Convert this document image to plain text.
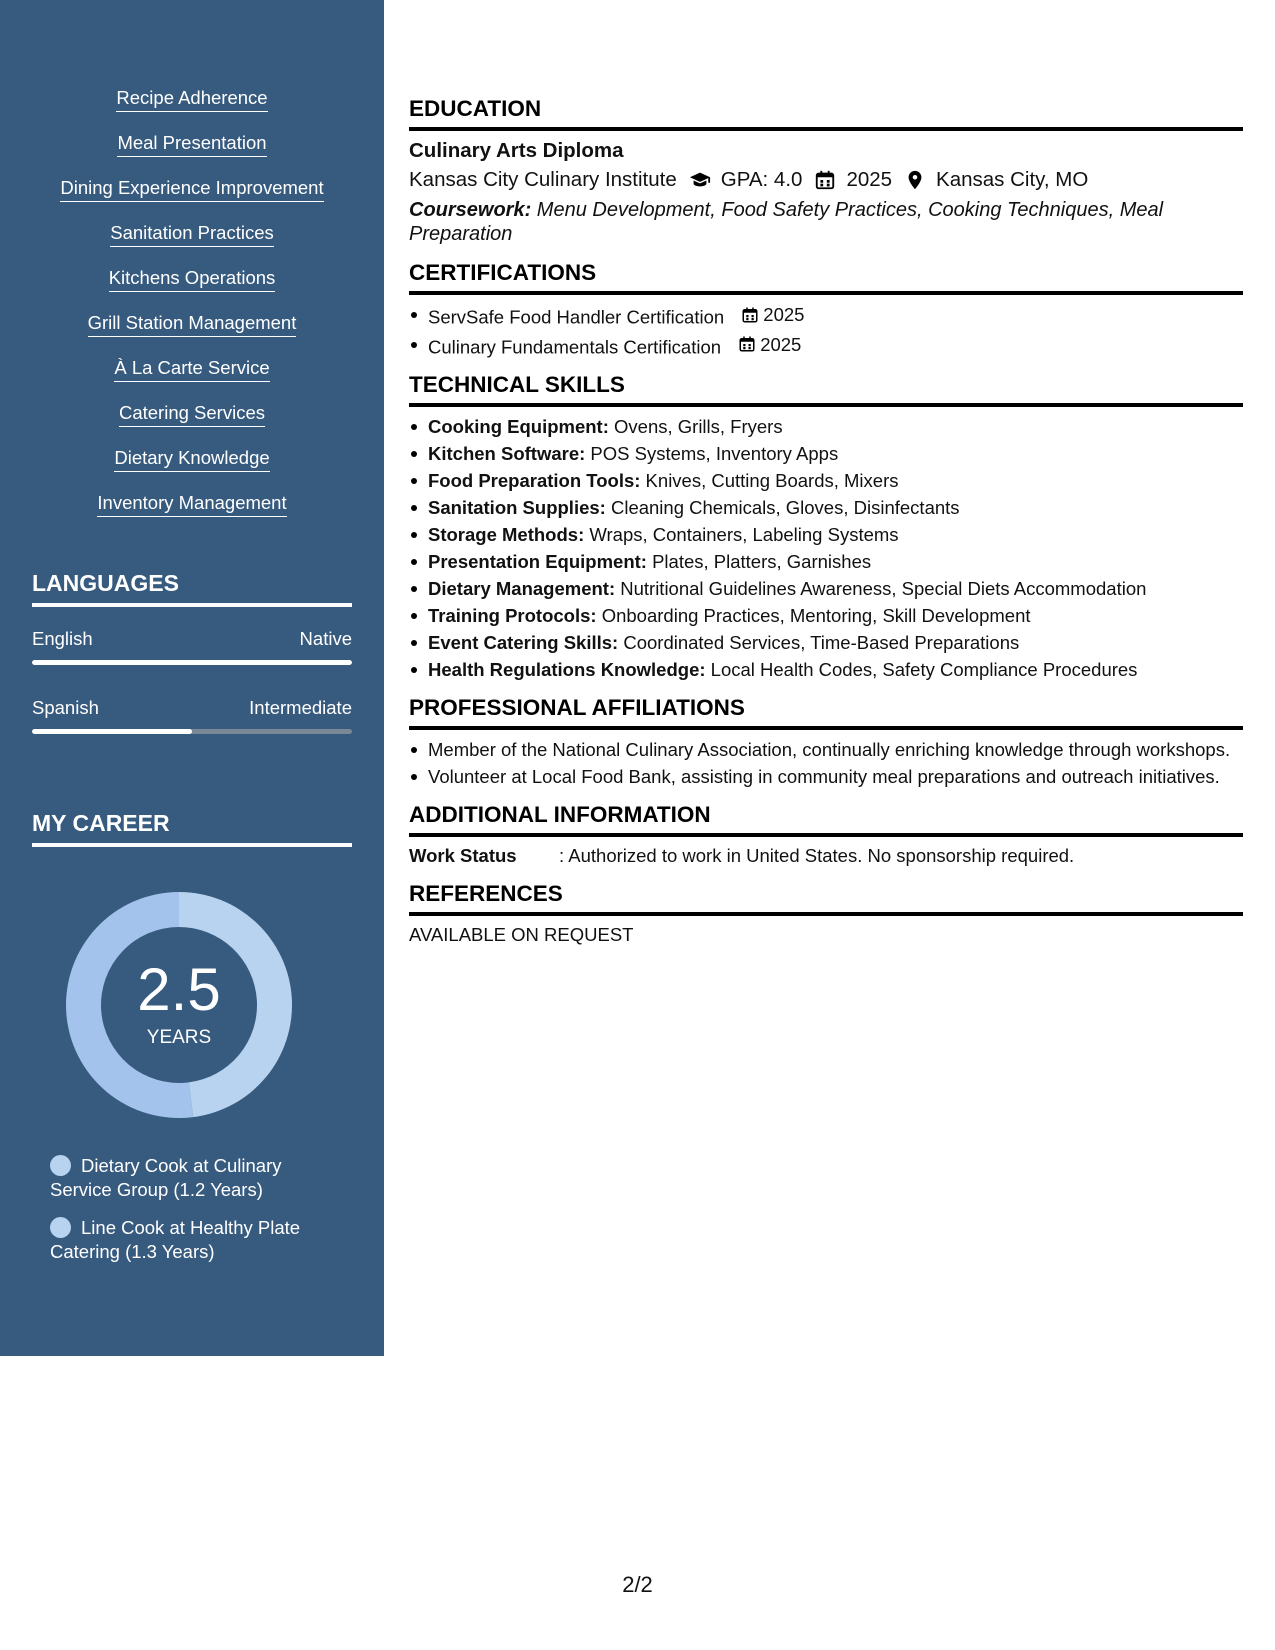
Recipe Adherence
Meal Presentation
Dining Experience Improvement
Sanitation Practices
Kitchens Operations
Grill Station Management
À La Carte Service
Catering Services
Dietary Knowledge
Inventory Management
LANGUAGES
English	Native
Spanish	Intermediate
MY CAREER
2.5
YEARS
Dietary Cook at Culinary Service Group (1.2 Years)
Line Cook at Healthy Plate Catering (1.3 Years)
EDUCATION
Culinary Arts Diploma
Kansas City Culinary Institute GPA: 4.0 2025 Kansas City, MO
Coursework: Menu Development, Food Safety Practices, Cooking Techniques, Meal Preparation
CERTIFICATIONS
ServSafe Food Handler Certification 2025
Culinary Fundamentals Certification 2025
TECHNICAL SKILLS
Cooking Equipment: Ovens, Grills, Fryers
Kitchen Software: POS Systems, Inventory Apps
Food Preparation Tools: Knives, Cutting Boards, Mixers
Sanitation Supplies: Cleaning Chemicals, Gloves, Disinfectants
Storage Methods: Wraps, Containers, Labeling Systems
Presentation Equipment: Plates, Platters, Garnishes
Dietary Management: Nutritional Guidelines Awareness, Special Diets Accommodation
Training Protocols: Onboarding Practices, Mentoring, Skill Development
Event Catering Skills: Coordinated Services, Time-Based Preparations
Health Regulations Knowledge: Local Health Codes, Safety Compliance Procedures
PROFESSIONAL AFFILIATIONS
Member of the National Culinary Association, continually enriching knowledge through workshops.
Volunteer at Local Food Bank, assisting in community meal preparations and outreach initiatives.
ADDITIONAL INFORMATION
Work Status	: Authorized to work in United States. No sponsorship required.
REFERENCES
AVAILABLE ON REQUEST
2/2
